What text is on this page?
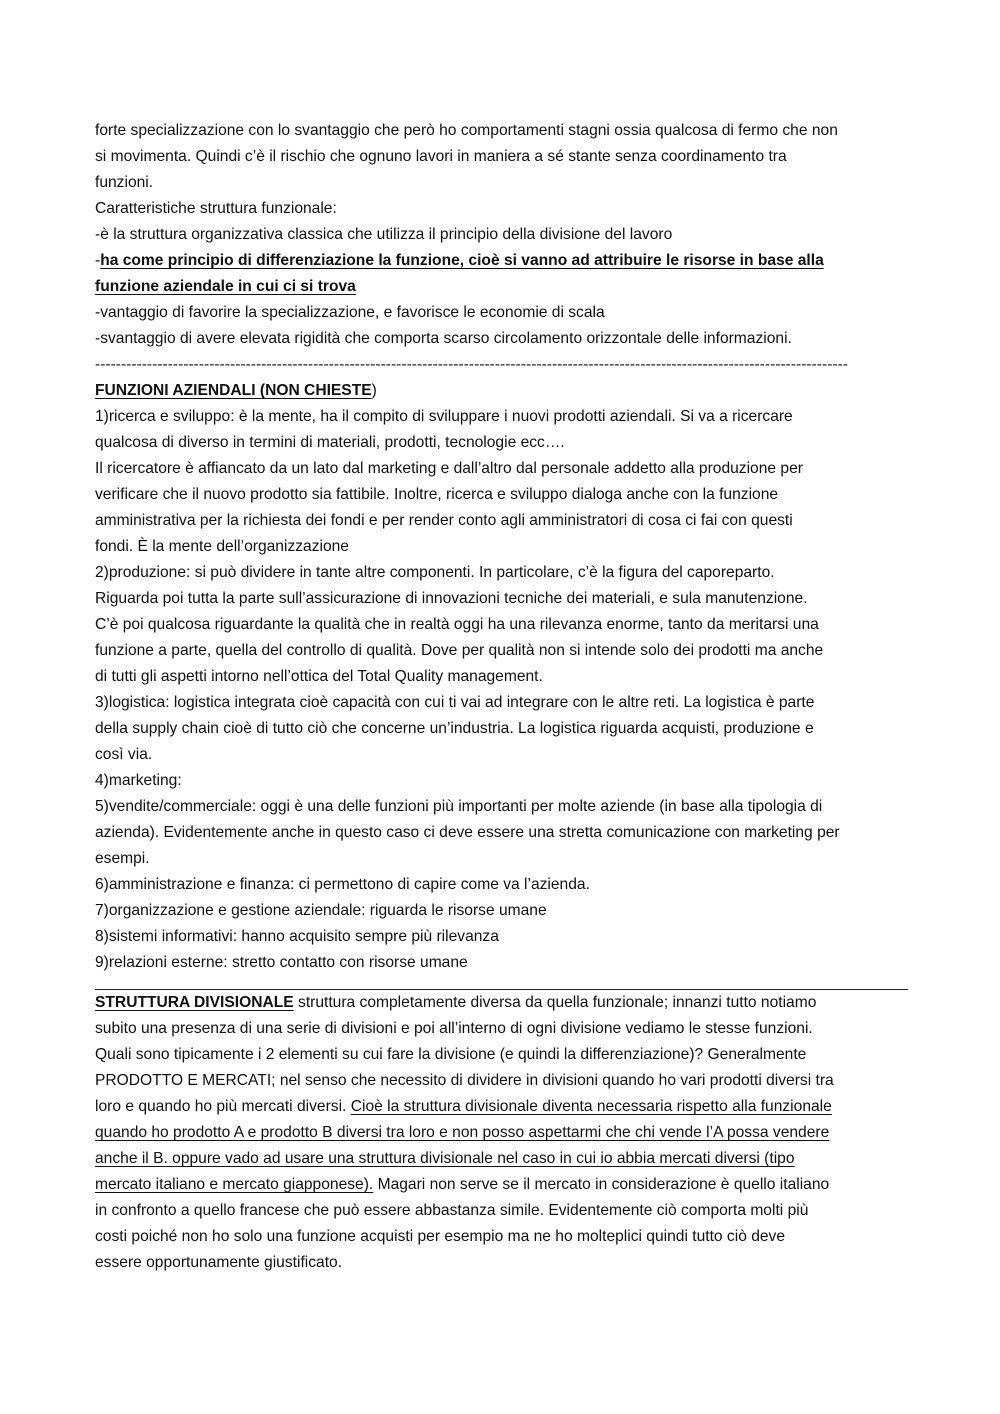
forte specializzazione con lo svantaggio che però ho comportamenti stagni ossia qualcosa di fermo che non
si movimenta. Quindi c’è il rischio che ognuno lavori in maniera a sé stante senza coordinamento tra
funzioni.
Caratteristiche struttura funzionale:
-è la struttura organizzativa classica che utilizza il principio della divisione del lavoro
-ha come principio di differenziazione la funzione, cioè si vanno ad attribuire le risorse in base alla
funzione aziendale in cui ci si trova
-vantaggio di favorire la specializzazione, e favorisce le economie di scala
-svantaggio di avere elevata rigidità che comporta scarso circolamento orizzontale delle informazioni.
-------------------------------------------------------------------------------------------------------------------------------------------------
FUNZIONI AZIENDALI (NON CHIESTE)
1)ricerca e sviluppo: è la mente, ha il compito di sviluppare i nuovi prodotti aziendali. Si va a ricercare
qualcosa di diverso in termini di materiali, prodotti, tecnologie ecc….
Il ricercatore è affiancato da un lato dal marketing e dall’altro dal personale addetto alla produzione per
verificare che il nuovo prodotto sia fattibile. Inoltre, ricerca e sviluppo dialoga anche con la funzione
amministrativa per la richiesta dei fondi e per render conto agli amministratori di cosa ci fai con questi
fondi. È la mente dell’organizzazione
2)produzione: si può dividere in tante altre componenti. In particolare, c’è la figura del caporeparto.
Riguarda poi tutta la parte sull’assicurazione di innovazioni tecniche dei materiali, e sula manutenzione.
C’è poi qualcosa riguardante la qualità che in realtà oggi ha una rilevanza enorme, tanto da meritarsi una
funzione a parte, quella del controllo di qualità. Dove per qualità non si intende solo dei prodotti ma anche
di tutti gli aspetti intorno nell’ottica del Total Quality management.
3)logistica: logistica integrata cioè capacità con cui ti vai ad integrare con le altre reti. La logistica è parte
della supply chain cioè di tutto ciò che concerne un’industria. La logistica riguarda acquisti, produzione e
così via.
4)marketing:
5)vendite/commerciale: oggi è una delle funzioni più importanti per molte aziende (in base alla tipologia di
azienda). Evidentemente anche in questo caso ci deve essere una stretta comunicazione con marketing per
esempi.
6)amministrazione e finanza: ci permettono di capire come va l’azienda.
7)organizzazione e gestione aziendale: riguarda le risorse umane
8)sistemi informativi: hanno acquisito sempre più rilevanza
9)relazioni esterne: stretto contatto con risorse umane
STRUTTURA DIVISIONALE struttura completamente diversa da quella funzionale; innanzi tutto notiamo
subito una presenza di una serie di divisioni e poi all’interno di ogni divisione vediamo le stesse funzioni.
Quali sono tipicamente i 2 elementi su cui fare la divisione (e quindi la differenziazione)? Generalmente
PRODOTTO E MERCATI; nel senso che necessito di dividere in divisioni quando ho vari prodotti diversi tra
loro e quando ho più mercati diversi. Cioè la struttura divisionale diventa necessaria rispetto alla funzionale
quando ho prodotto A e prodotto B diversi tra loro e non posso aspettarmi che chi vende l’A possa vendere
anche il B. oppure vado ad usare una struttura divisionale nel caso in cui io abbia mercati diversi (tipo
mercato italiano e mercato giapponese). Magari non serve se il mercato in considerazione è quello italiano
in confronto a quello francese che può essere abbastanza simile. Evidentemente ciò comporta molti più
costi poiché non ho solo una funzione acquisti per esempio ma ne ho molteplici quindi tutto ciò deve
essere opportunamente giustificato.
